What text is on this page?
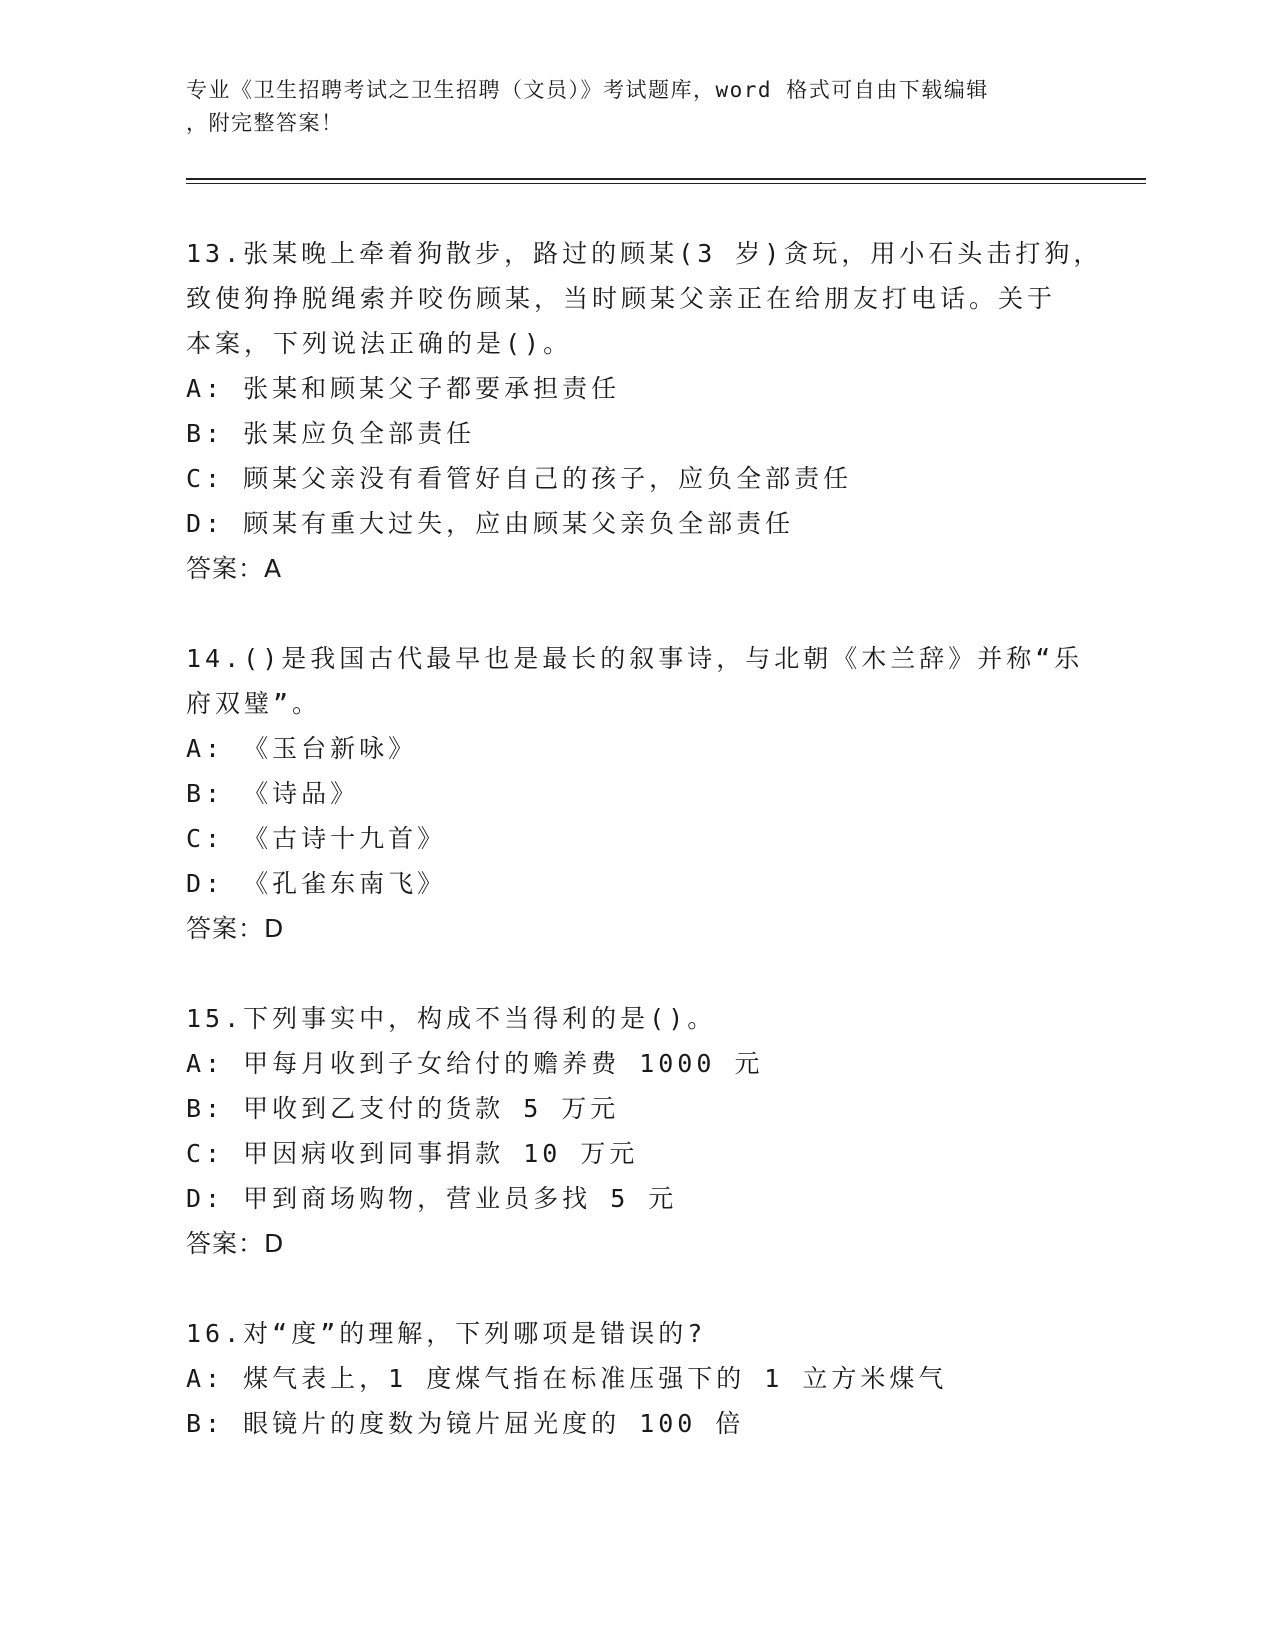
专业《卫生招聘考试之卫生招聘（文员）》考试题库，word 格式可自由下载编辑
，附完整答案！
13.张某晚上牵着狗散步，路过的顾某(3 岁)贪玩，用小石头击打狗，
致使狗挣脱绳索并咬伤顾某，当时顾某父亲正在给朋友打电话。关于
本案，下列说法正确的是()。
A: 张某和顾某父子都要承担责任
B: 张某应负全部责任
C: 顾某父亲没有看管好自己的孩子，应负全部责任
D: 顾某有重大过失，应由顾某父亲负全部责任
答案：A
14.()是我国古代最早也是最长的叙事诗，与北朝《木兰辞》并称“乐
府双璧”。
A: 《玉台新咏》
B: 《诗品》
C: 《古诗十九首》
D: 《孔雀东南飞》
答案：D
15.下列事实中，构成不当得利的是()。
A: 甲每月收到子女给付的赡养费 1000 元
B: 甲收到乙支付的货款 5 万元
C: 甲因病收到同事捐款 10 万元
D: 甲到商场购物，营业员多找 5 元
答案：D
16.对“度”的理解，下列哪项是错误的?
A: 煤气表上，1 度煤气指在标准压强下的 1 立方米煤气
B: 眼镜片的度数为镜片屈光度的 100 倍
